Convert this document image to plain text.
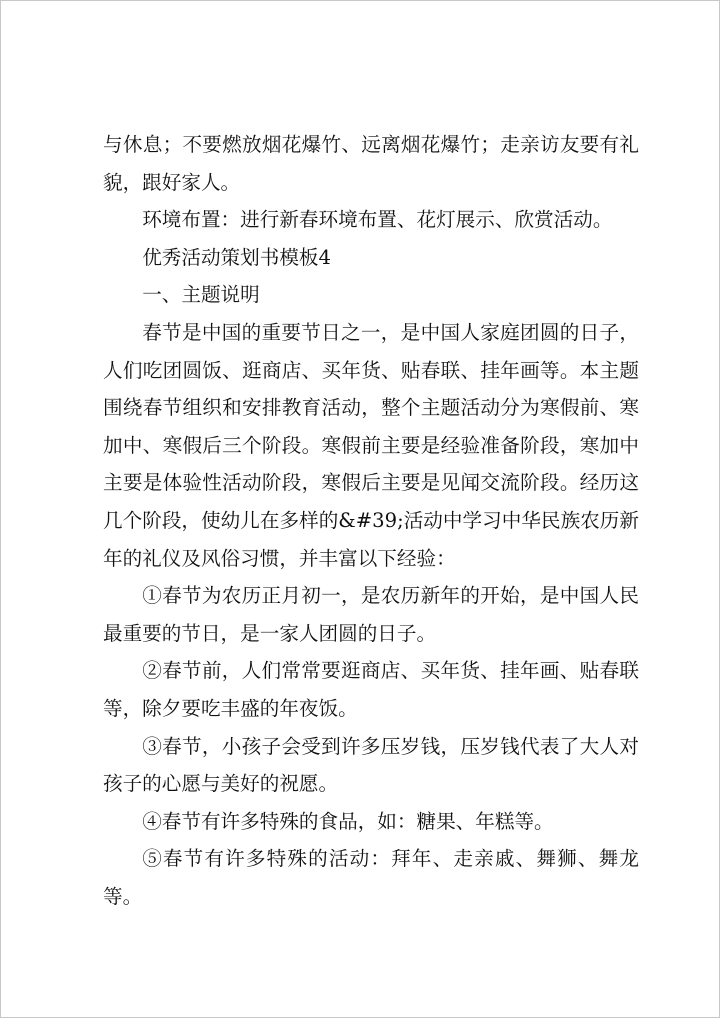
与休息；不要燃放烟花爆竹、远离烟花爆竹；走亲访友要有礼貌，跟好家人。

环境布置：进行新春环境布置、花灯展示、欣赏活动。

优秀活动策划书模板4

一、主题说明

春节是中国的重要节日之一，是中国人家庭团圆的日子，人们吃团圆饭、逛商店、买年货、贴春联、挂年画等。本主题围绕春节组织和安排教育活动，整个主题活动分为寒假前、寒加中、寒假后三个阶段。寒假前主要是经验准备阶段，寒加中主要是体验性活动阶段，寒假后主要是见闻交流阶段。经历这几个阶段，使幼儿在多样的&#39;活动中学习中华民族农历新年的礼仪及风俗习惯，并丰富以下经验：

①春节为农历正月初一，是农历新年的开始，是中国人民最重要的节日，是一家人团圆的日子。

②春节前，人们常常要逛商店、买年货、挂年画、贴春联等，除夕要吃丰盛的年夜饭。

③春节，小孩子会受到许多压岁钱，压岁钱代表了大人对孩子的心愿与美好的祝愿。

④春节有许多特殊的食品，如：糖果、年糕等。

⑤春节有许多特殊的活动：拜年、走亲戚、舞狮、舞龙等。
